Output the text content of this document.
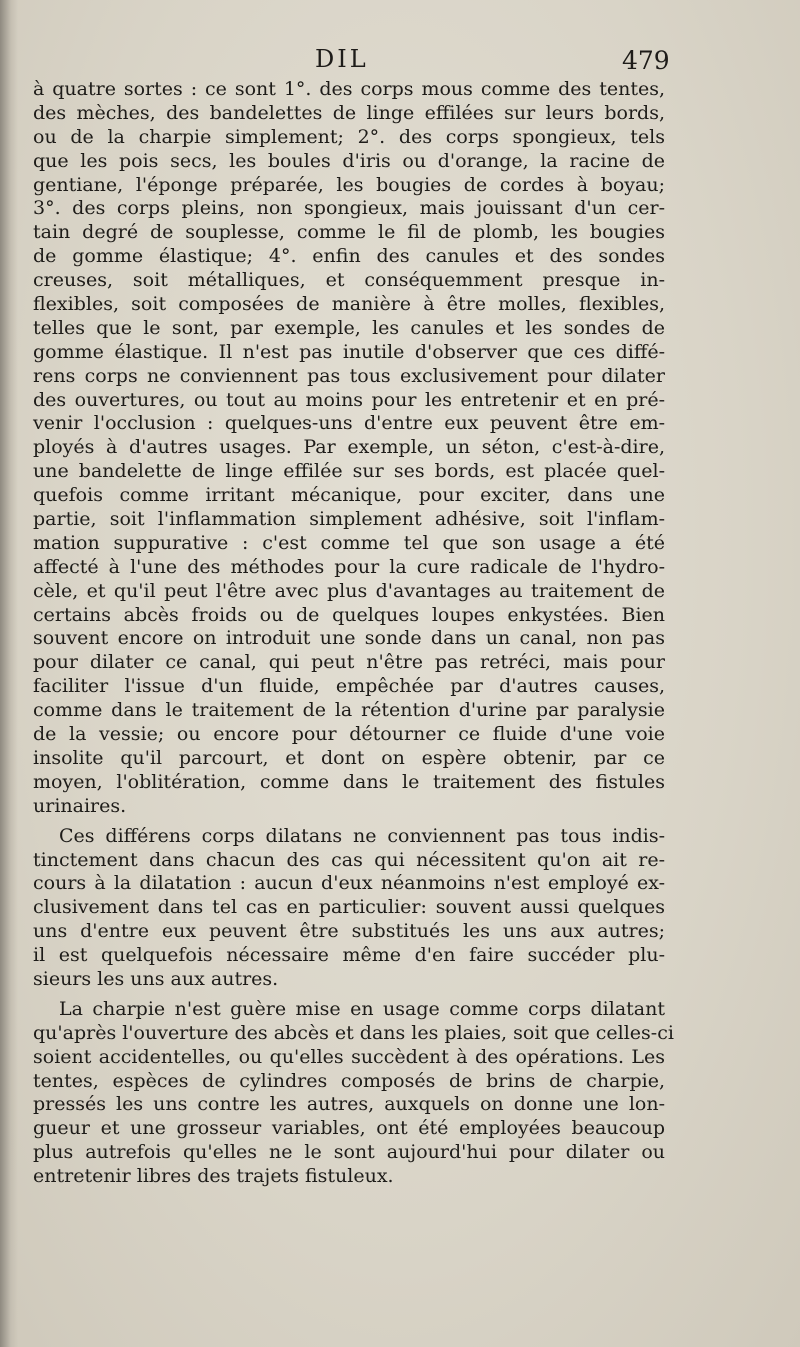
DIL	479
à quatre sortes : ce sont 1°. des corps mous comme des tentes,
des mèches, des bandelettes de linge effilées sur leurs bords,
ou de la charpie simplement; 2°. des corps spongieux, tels
que les pois secs, les boules d'iris ou d'orange, la racine de
gentiane, l'éponge préparée, les bougies de cordes à boyau;
3°. des corps pleins, non spongieux, mais jouissant d'un cer-
tain degré de souplesse, comme le fil de plomb, les bougies
de gomme élastique; 4°. enfin des canules et des sondes
creuses, soit métalliques, et conséquemment presque in-
flexibles, soit composées de manière à être molles, flexibles,
telles que le sont, par exemple, les canules et les sondes de
gomme élastique. Il n'est pas inutile d'observer que ces diffé-
rens corps ne conviennent pas tous exclusivement pour dilater
des ouvertures, ou tout au moins pour les entretenir et en pré-
venir l'occlusion : quelques-uns d'entre eux peuvent être em-
ployés à d'autres usages. Par exemple, un séton, c'est-à-dire,
une bandelette de linge effilée sur ses bords, est placée quel-
quefois comme irritant mécanique, pour exciter, dans une
partie, soit l'inflammation simplement adhésive, soit l'inflam-
mation suppurative : c'est comme tel que son usage a été
affecté à l'une des méthodes pour la cure radicale de l'hydro-
cèle, et qu'il peut l'être avec plus d'avantages au traitement de
certains abcès froids ou de quelques loupes enkystées. Bien
souvent encore on introduit une sonde dans un canal, non pas
pour dilater ce canal, qui peut n'être pas retréci, mais pour
faciliter l'issue d'un fluide, empêchée par d'autres causes,
comme dans le traitement de la rétention d'urine par paralysie
de la vessie; ou encore pour détourner ce fluide d'une voie
insolite qu'il parcourt, et dont on espère obtenir, par ce
moyen, l'oblitération, comme dans le traitement des fistules
urinaires.
Ces différens corps dilatans ne conviennent pas tous indis-
tinctement dans chacun des cas qui nécessitent qu'on ait re-
cours à la dilatation : aucun d'eux néanmoins n'est employé ex-
clusivement dans tel cas en particulier: souvent aussi quelques
uns d'entre eux peuvent être substitués les uns aux autres;
il est quelquefois nécessaire même d'en faire succéder plu-
sieurs les uns aux autres.
La charpie n'est guère mise en usage comme corps dilatant
qu'après l'ouverture des abcès et dans les plaies, soit que celles-ci
soient accidentelles, ou qu'elles succèdent à des opérations. Les
tentes, espèces de cylindres composés de brins de charpie,
pressés les uns contre les autres, auxquels on donne une lon-
gueur et une grosseur variables, ont été employées beaucoup
plus autrefois qu'elles ne le sont aujourd'hui pour dilater ou
entretenir libres des trajets fistuleux.
